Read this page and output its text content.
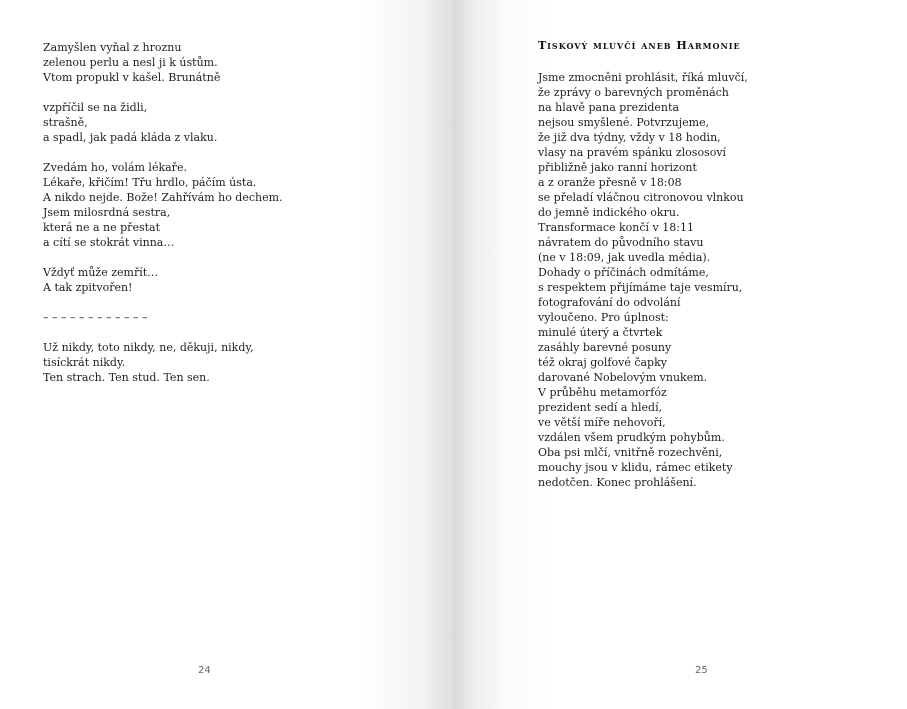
Zamyšlen vyňal z hroznu
zelenou perlu a nesl ji k ústům.
Vtom propukl v kašel. Brunátně
vzpříčil se na židli,
strašně,
a spadl, jak padá kláda z vlaku.
Zvedám ho, volám lékaře.
Lékaře, křičím! Třu hrdlo, páčím ústa.
A nikdo nejde. Bože! Zahřívám ho dechem.
Jsem milosrdná sestra,
která ne a ne přestat
a cítí se stokrát vinna…
Vždyť může zemřít…
A tak zpitvořen!
– – – – – – – – – – – –
Už nikdy, toto nikdy, ne, děkuji, nikdy,
tisíckrát nikdy.
Ten strach. Ten stud. Ten sen.
24
Tiskový mluvčí aneb Harmonie
Jsme zmocněni prohlásit, říká mluvčí,
že zprávy o barevných proměnách
na hlavě pana prezidenta
nejsou smyšlené. Potvrzujeme,
že již dva týdny, vždy v 18 hodin,
vlasy na pravém spánku zlososoví
přibližně jako ranní horizont
a z oranže přesně v 18:08
se přeladí vláčnou citronovou vlnkou
do jemně indického okru.
Transformace končí v 18:11
návratem do původního stavu
(ne v 18:09, jak uvedla média).
Dohady o příčinách odmítáme,
s respektem přijímáme taje vesmíru,
fotografování do odvolání
vyloučeno. Pro úplnost:
minulé úterý a čtvrtek
zasáhly barevné posuny
též okraj golfové čapky
darované Nobelovým vnukem.
V průběhu metamorfóz
prezident sedí a hledí,
ve větší míře nehovoří,
vzdálen všem prudkým pohybům.
Oba psi mlčí, vnitřně rozechvěni,
mouchy jsou v klidu, rámec etikety
nedotčen. Konec prohlášení.
25
